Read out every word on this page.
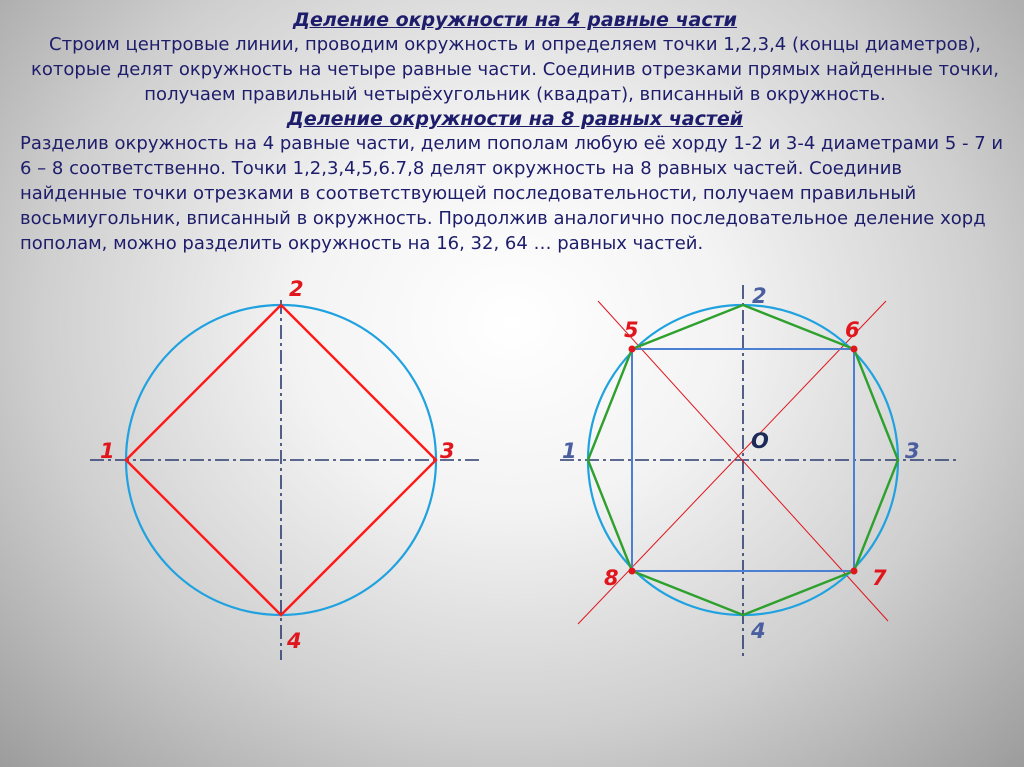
Деление окружности на 4 равные части

Строим центровые линии, проводим окружность и определяем точки 1,2,3,4 (концы диаметров), которые делят окружность на четыре равные части. Соединив отрезками прямых найденные точки, получаем правильный четырёхугольник (квадрат), вписанный в окружность.

Деление окружности на 8 равных частей

Разделив окружность на 4 равные части, делим пополам любую её хорду 1-2 и 3-4 диаметрами 5 - 7 и 6 – 8 соответственно. Точки 1,2,3,4,5,6.7,8 делят окружность на 8 равных частей. Соединив найденные точки отрезками в соответствующей последовательности, получаем правильный восьмиугольник, вписанный в окружность. Продолжив аналогично последовательное деление хорд пополам, можно разделить окружность на 16, 32, 64 … равных частей.

1
2
3
4
1
2
3
4
5	6
7
8
O
